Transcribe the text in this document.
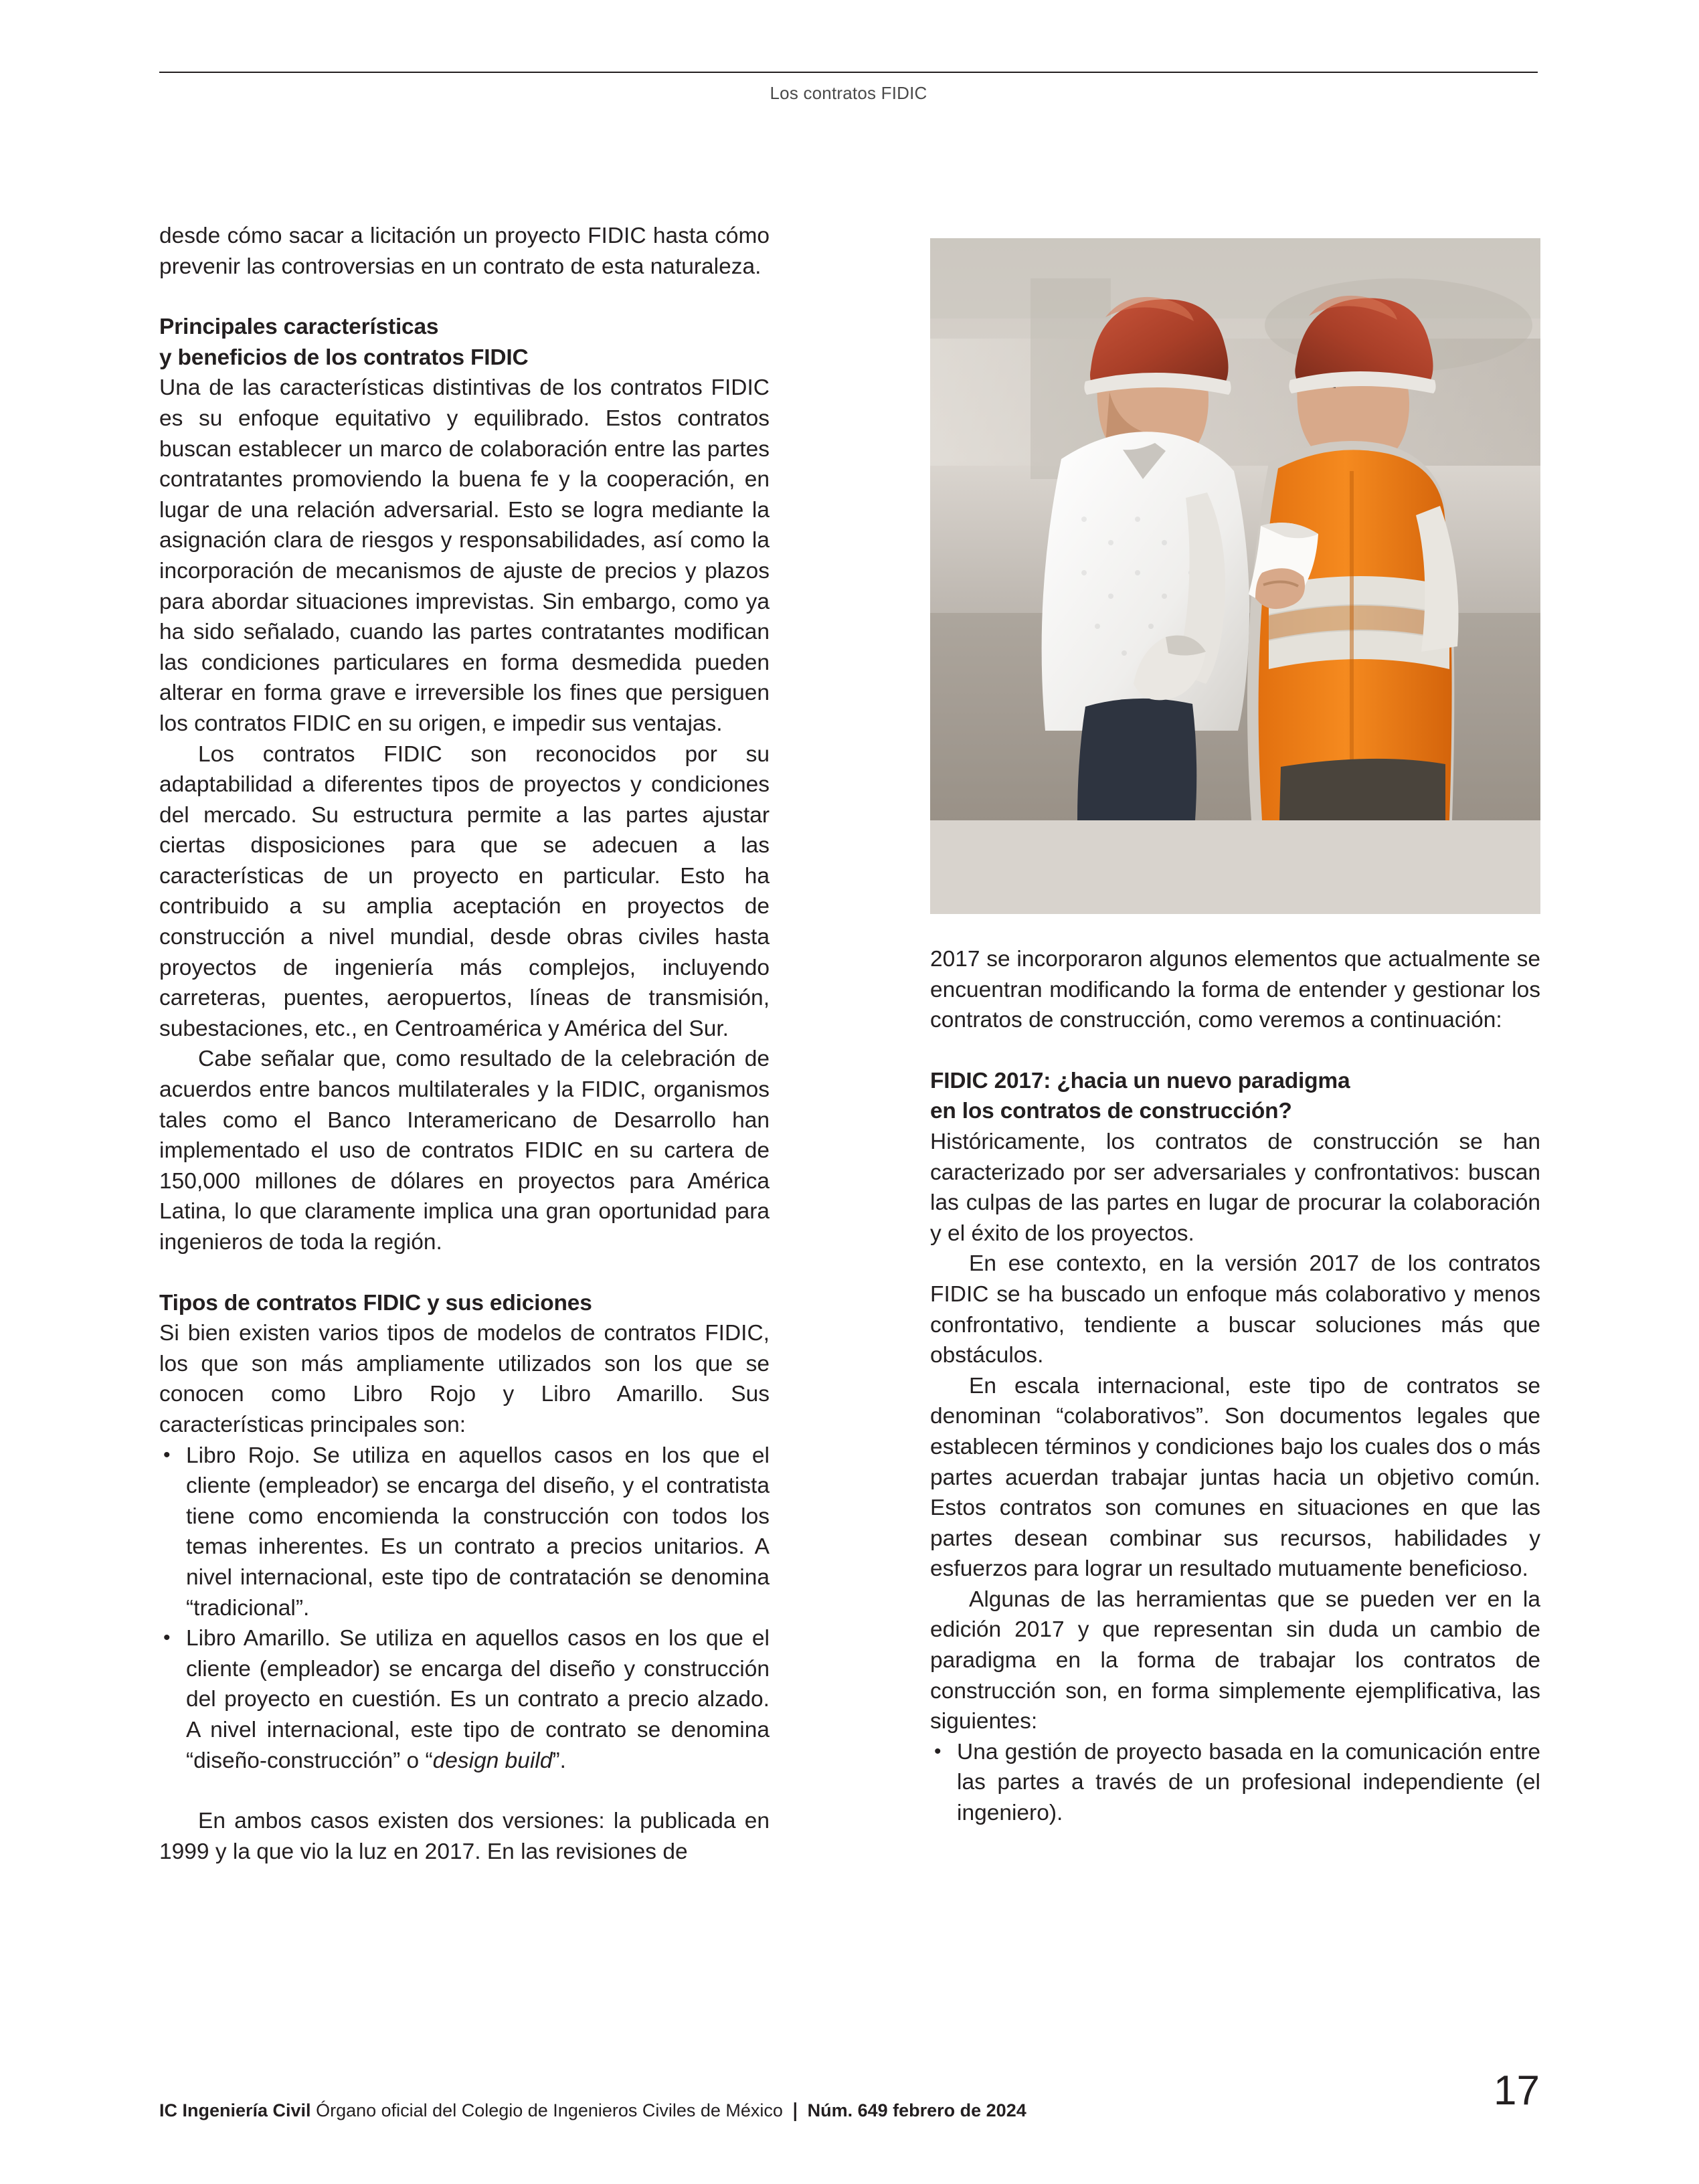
Los contratos FIDIC

desde cómo sacar a licitación un proyecto FIDIC hasta cómo prevenir las controversias en un contrato de esta naturaleza.

Principales características
y beneficios de los contratos FIDIC

Una de las características distintivas de los contratos FIDIC es su enfoque equitativo y equilibrado. Estos contratos buscan establecer un marco de colaboración entre las partes contratantes promoviendo la buena fe y la cooperación, en lugar de una relación adversarial. Esto se logra mediante la asignación clara de riesgos y responsabilidades, así como la incorporación de mecanismos de ajuste de precios y plazos para abordar situaciones imprevistas. Sin embargo, como ya ha sido señalado, cuando las partes contratantes modifican las condiciones particulares en forma desmedida pueden alterar en forma grave e irreversible los fines que persiguen los contratos FIDIC en su origen, e impedir sus ventajas.

Los contratos FIDIC son reconocidos por su adaptabilidad a diferentes tipos de proyectos y condiciones del mercado. Su estructura permite a las partes ajustar ciertas disposiciones para que se adecuen a las características de un proyecto en particular. Esto ha contribuido a su amplia aceptación en proyectos de construcción a nivel mundial, desde obras civiles hasta proyectos de ingeniería más complejos, incluyendo carreteras, puentes, aeropuertos, líneas de transmisión, subestaciones, etc., en Centroamérica y América del Sur.

Cabe señalar que, como resultado de la celebración de acuerdos entre bancos multilaterales y la FIDIC, organismos tales como el Banco Interamericano de Desarrollo han implementado el uso de contratos FIDIC en su cartera de 150,000 millones de dólares en proyectos para América Latina, lo que claramente implica una gran oportunidad para ingenieros de toda la región.

Tipos de contratos FIDIC y sus ediciones

Si bien existen varios tipos de modelos de contratos FIDIC, los que son más ampliamente utilizados son los que se conocen como Libro Rojo y Libro Amarillo. Sus características principales son:

• Libro Rojo. Se utiliza en aquellos casos en los que el cliente (empleador) se encarga del diseño, y el contratista tiene como encomienda la construcción con todos los temas inherentes. Es un contrato a precios unitarios. A nivel internacional, este tipo de contratación se denomina “tradicional”.
• Libro Amarillo. Se utiliza en aquellos casos en los que el cliente (empleador) se encarga del diseño y construcción del proyecto en cuestión. Es un contrato a precio alzado. A nivel internacional, este tipo de contrato se denomina “diseño-construcción” o “design build”.

En ambos casos existen dos versiones: la publicada en 1999 y la que vio la luz en 2017. En las revisiones de

SHUTTERSTOCK

2017 se incorporaron algunos elementos que actualmente se encuentran modificando la forma de entender y gestionar los contratos de construcción, como veremos a continuación:

FIDIC 2017: ¿hacia un nuevo paradigma
en los contratos de construcción?

Históricamente, los contratos de construcción se han caracterizado por ser adversariales y confrontativos: buscan las culpas de las partes en lugar de procurar la colaboración y el éxito de los proyectos.

En ese contexto, en la versión 2017 de los contratos FIDIC se ha buscado un enfoque más colaborativo y menos confrontativo, tendiente a buscar soluciones más que obstáculos.

En escala internacional, este tipo de contratos se denominan “colaborativos”. Son documentos legales que establecen términos y condiciones bajo los cuales dos o más partes acuerdan trabajar juntas hacia un objetivo común. Estos contratos son comunes en situaciones en que las partes desean combinar sus recursos, habilidades y esfuerzos para lograr un resultado mutuamente beneficioso.

Algunas de las herramientas que se pueden ver en la edición 2017 y que representan sin duda un cambio de paradigma en la forma de trabajar los contratos de construcción son, en forma simplemente ejemplificativa, las siguientes:

• Una gestión de proyecto basada en la comunicación entre las partes a través de un profesional independiente (el ingeniero).
IC Ingeniería Civil Órgano oficial del Colegio de Ingenieros Civiles de México ❘ Núm. 649 febrero de 2024	17
